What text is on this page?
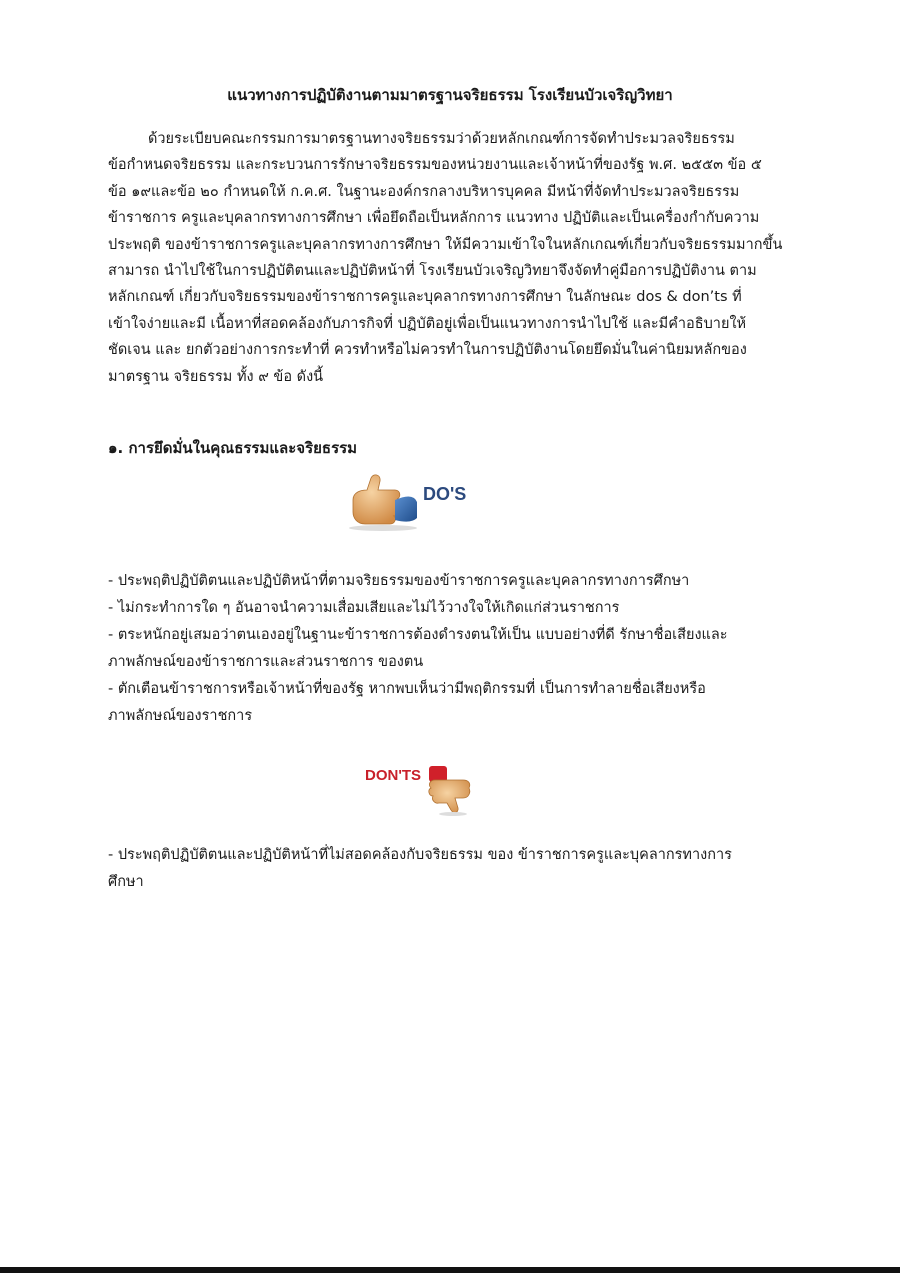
แนวทางการปฏิบัติงานตามมาตรฐานจริยธรรม โรงเรียนบัวเจริญวิทยา
ด้วยระเบียบคณะกรรมการมาตรฐานทางจริยธรรมว่าด้วยหลักเกณฑ์การจัดทำประมวลจริยธรรม
ข้อกำหนดจริยธรรม และกระบวนการรักษาจริยธรรมของหน่วยงานและเจ้าหน้าที่ของรัฐ พ.ศ. ๒๕๕๓ ข้อ ๕
ข้อ ๑๙และข้อ ๒๐ กำหนดให้ ก.ค.ศ. ในฐานะองค์กรกลางบริหารบุคคล มีหน้าที่จัดทำประมวลจริยธรรม
ข้าราชการ ครูและบุคลากรทางการศึกษา เพื่อยึดถือเป็นหลักการ แนวทาง ปฏิบัติและเป็นเครื่องกำกับความ
ประพฤติ ของข้าราชการครูและบุคลากรทางการศึกษา ให้มีความเข้าใจในหลักเกณฑ์เกี่ยวกับจริยธรรมมากขึ้น
สามารถ นำไปใช้ในการปฏิบัติตนและปฏิบัติหน้าที่ โรงเรียนบัวเจริญวิทยาจึงจัดทำคู่มือการปฏิบัติงาน ตาม
หลักเกณฑ์ เกี่ยวกับจริยธรรมของข้าราชการครูและบุคลากรทางการศึกษา ในลักษณะ dos & don’ts ที่
เข้าใจง่ายและมี เนื้อหาที่สอดคล้องกับภารกิจที่ ปฏิบัติอยู่เพื่อเป็นแนวทางการนำไปใช้ และมีคำอธิบายให้
ชัดเจน และ ยกตัวอย่างการกระทำที่ ควรทำหรือไม่ควรทำในการปฏิบัติงานโดยยึดมั่นในค่านิยมหลักของ
มาตรฐาน จริยธรรม ทั้ง ๙ ข้อ ดังนี้
๑. การยึดมั่นในคุณธรรมและจริยธรรม
DO'S
- ประพฤติปฏิบัติตนและปฏิบัติหน้าที่ตามจริยธรรมของข้าราชการครูและบุคลากรทางการศึกษา
- ไม่กระทำการใด ๆ อันอาจนำความเสื่อมเสียและไม่ไว้วางใจให้เกิดแก่ส่วนราชการ
- ตระหนักอยู่เสมอว่าตนเองอยู่ในฐานะข้าราชการต้องดำรงตนให้เป็น แบบอย่างที่ดี รักษาชื่อเสียงและ
ภาพลักษณ์ของข้าราชการและส่วนราชการ ของตน
- ตักเตือนข้าราชการหรือเจ้าหน้าที่ของรัฐ หากพบเห็นว่ามีพฤติกรรมที่ เป็นการทำลายชื่อเสียงหรือ
ภาพลักษณ์ของราชการ
DON'TS
- ประพฤติปฏิบัติตนและปฏิบัติหน้าที่ไม่สอดคล้องกับจริยธรรม ของ ข้าราชการครูและบุคลากรทางการ
ศึกษา
